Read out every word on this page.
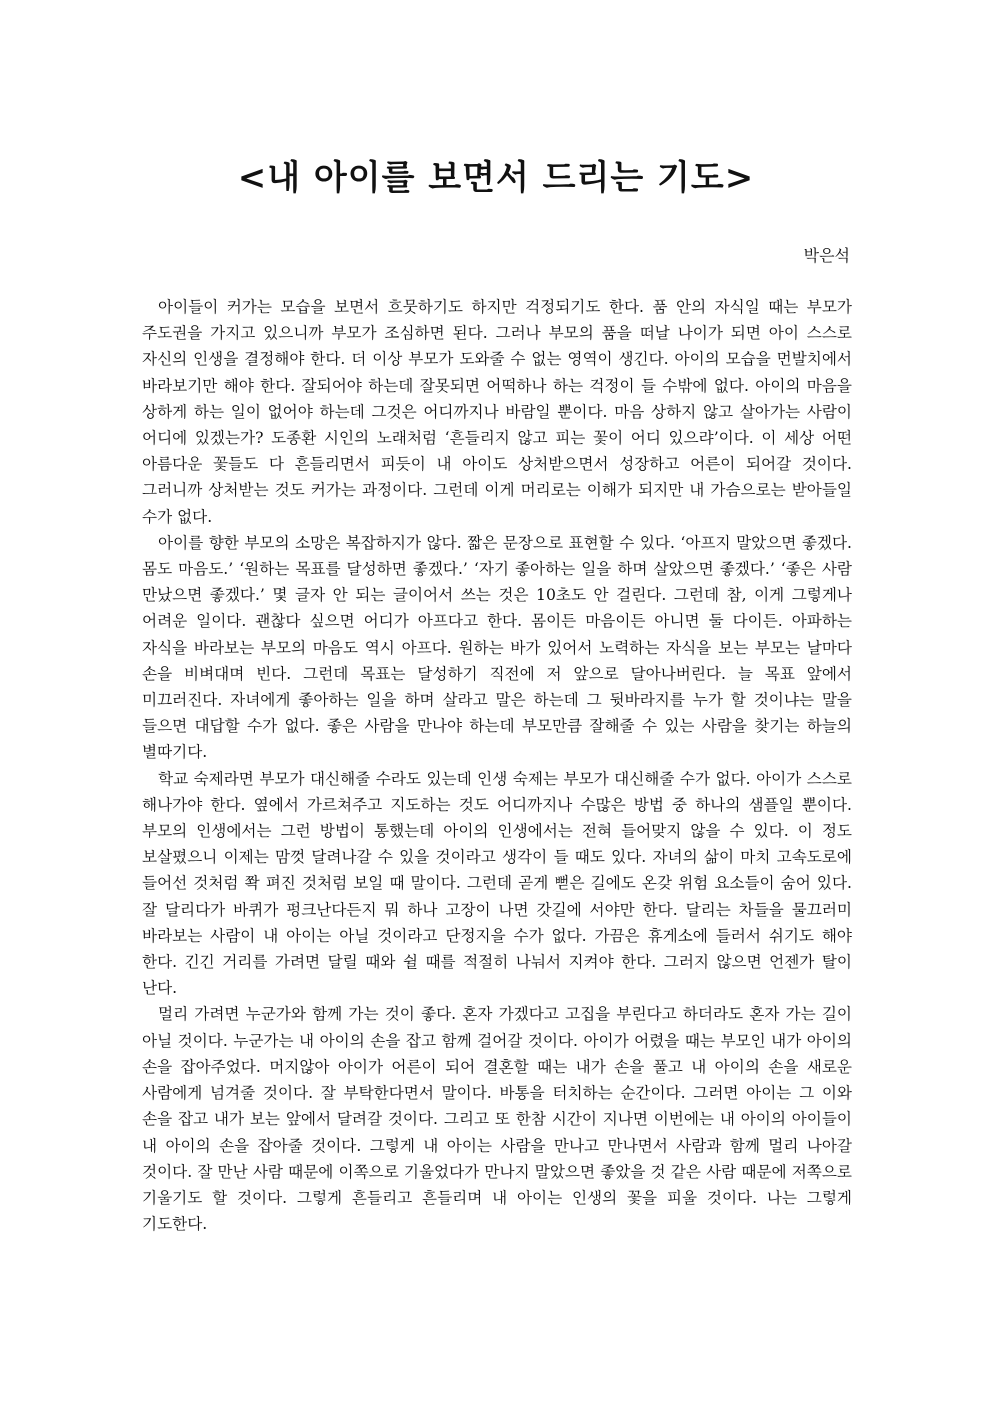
<내 아이를 보면서 드리는 기도>
박은석

아이들이 커가는 모습을 보면서 흐뭇하기도 하지만 걱정되기도 한다. 품 안의 자식일 때는 부모가 주도권을 가지고 있으니까 부모가 조심하면 된다. 그러나 부모의 품을 떠날 나이가 되면 아이 스스로 자신의 인생을 결정해야 한다. 더 이상 부모가 도와줄 수 없는 영역이 생긴다. 아이의 모습을 먼발치에서 바라보기만 해야 한다. 잘되어야 하는데 잘못되면 어떡하나 하는 걱정이 들 수밖에 없다. 아이의 마음을 상하게 하는 일이 없어야 하는데 그것은 어디까지나 바람일 뿐이다. 마음 상하지 않고 살아가는 사람이 어디에 있겠는가? 도종환 시인의 노래처럼 ‘흔들리지 않고 피는 꽃이 어디 있으랴’이다. 이 세상 어떤 아름다운 꽃들도 다 흔들리면서 피듯이 내 아이도 상처받으면서 성장하고 어른이 되어갈 것이다. 그러니까 상처받는 것도 커가는 과정이다. 그런데 이게 머리로는 이해가 되지만 내 가슴으로는 받아들일 수가 없다.

아이를 향한 부모의 소망은 복잡하지가 않다. 짧은 문장으로 표현할 수 있다. ‘아프지 말았으면 좋겠다. 몸도 마음도.’ ‘원하는 목표를 달성하면 좋겠다.’ ‘자기 좋아하는 일을 하며 살았으면 좋겠다.’ ‘좋은 사람 만났으면 좋겠다.’ 몇 글자 안 되는 글이어서 쓰는 것은 10초도 안 걸린다. 그런데 참, 이게 그렇게나 어려운 일이다. 괜찮다 싶으면 어디가 아프다고 한다. 몸이든 마음이든 아니면 둘 다이든. 아파하는 자식을 바라보는 부모의 마음도 역시 아프다. 원하는 바가 있어서 노력하는 자식을 보는 부모는 날마다 손을 비벼대며 빈다. 그런데 목표는 달성하기 직전에 저 앞으로 달아나버린다. 늘 목표 앞에서 미끄러진다. 자녀에게 좋아하는 일을 하며 살라고 말은 하는데 그 뒷바라지를 누가 할 것이냐는 말을 들으면 대답할 수가 없다. 좋은 사람을 만나야 하는데 부모만큼 잘해줄 수 있는 사람을 찾기는 하늘의 별따기다.

학교 숙제라면 부모가 대신해줄 수라도 있는데 인생 숙제는 부모가 대신해줄 수가 없다. 아이가 스스로 해나가야 한다. 옆에서 가르쳐주고 지도하는 것도 어디까지나 수많은 방법 중 하나의 샘플일 뿐이다. 부모의 인생에서는 그런 방법이 통했는데 아이의 인생에서는 전혀 들어맞지 않을 수 있다. 이 정도 보살폈으니 이제는 맘껏 달려나갈 수 있을 것이라고 생각이 들 때도 있다. 자녀의 삶이 마치 고속도로에 들어선 것처럼 쫙 펴진 것처럼 보일 때 말이다. 그런데 곧게 뻗은 길에도 온갖 위험 요소들이 숨어 있다. 잘 달리다가 바퀴가 펑크난다든지 뭐 하나 고장이 나면 갓길에 서야만 한다. 달리는 차들을 물끄러미 바라보는 사람이 내 아이는 아닐 것이라고 단정지을 수가 없다. 가끔은 휴게소에 들러서 쉬기도 해야 한다. 긴긴 거리를 가려면 달릴 때와 쉴 때를 적절히 나눠서 지켜야 한다. 그러지 않으면 언젠가 탈이 난다.

멀리 가려면 누군가와 함께 가는 것이 좋다. 혼자 가겠다고 고집을 부린다고 하더라도 혼자 가는 길이 아닐 것이다. 누군가는 내 아이의 손을 잡고 함께 걸어갈 것이다. 아이가 어렸을 때는 부모인 내가 아이의 손을 잡아주었다. 머지않아 아이가 어른이 되어 결혼할 때는 내가 손을 풀고 내 아이의 손을 새로운 사람에게 넘겨줄 것이다. 잘 부탁한다면서 말이다. 바통을 터치하는 순간이다. 그러면 아이는 그 이와 손을 잡고 내가 보는 앞에서 달려갈 것이다. 그리고 또 한참 시간이 지나면 이번에는 내 아이의 아이들이 내 아이의 손을 잡아줄 것이다. 그렇게 내 아이는 사람을 만나고 만나면서 사람과 함께 멀리 나아갈 것이다. 잘 만난 사람 때문에 이쪽으로 기울었다가 만나지 말았으면 좋았을 것 같은 사람 때문에 저쪽으로 기울기도 할 것이다. 그렇게 흔들리고 흔들리며 내 아이는 인생의 꽃을 피울 것이다. 나는 그렇게 기도한다.
